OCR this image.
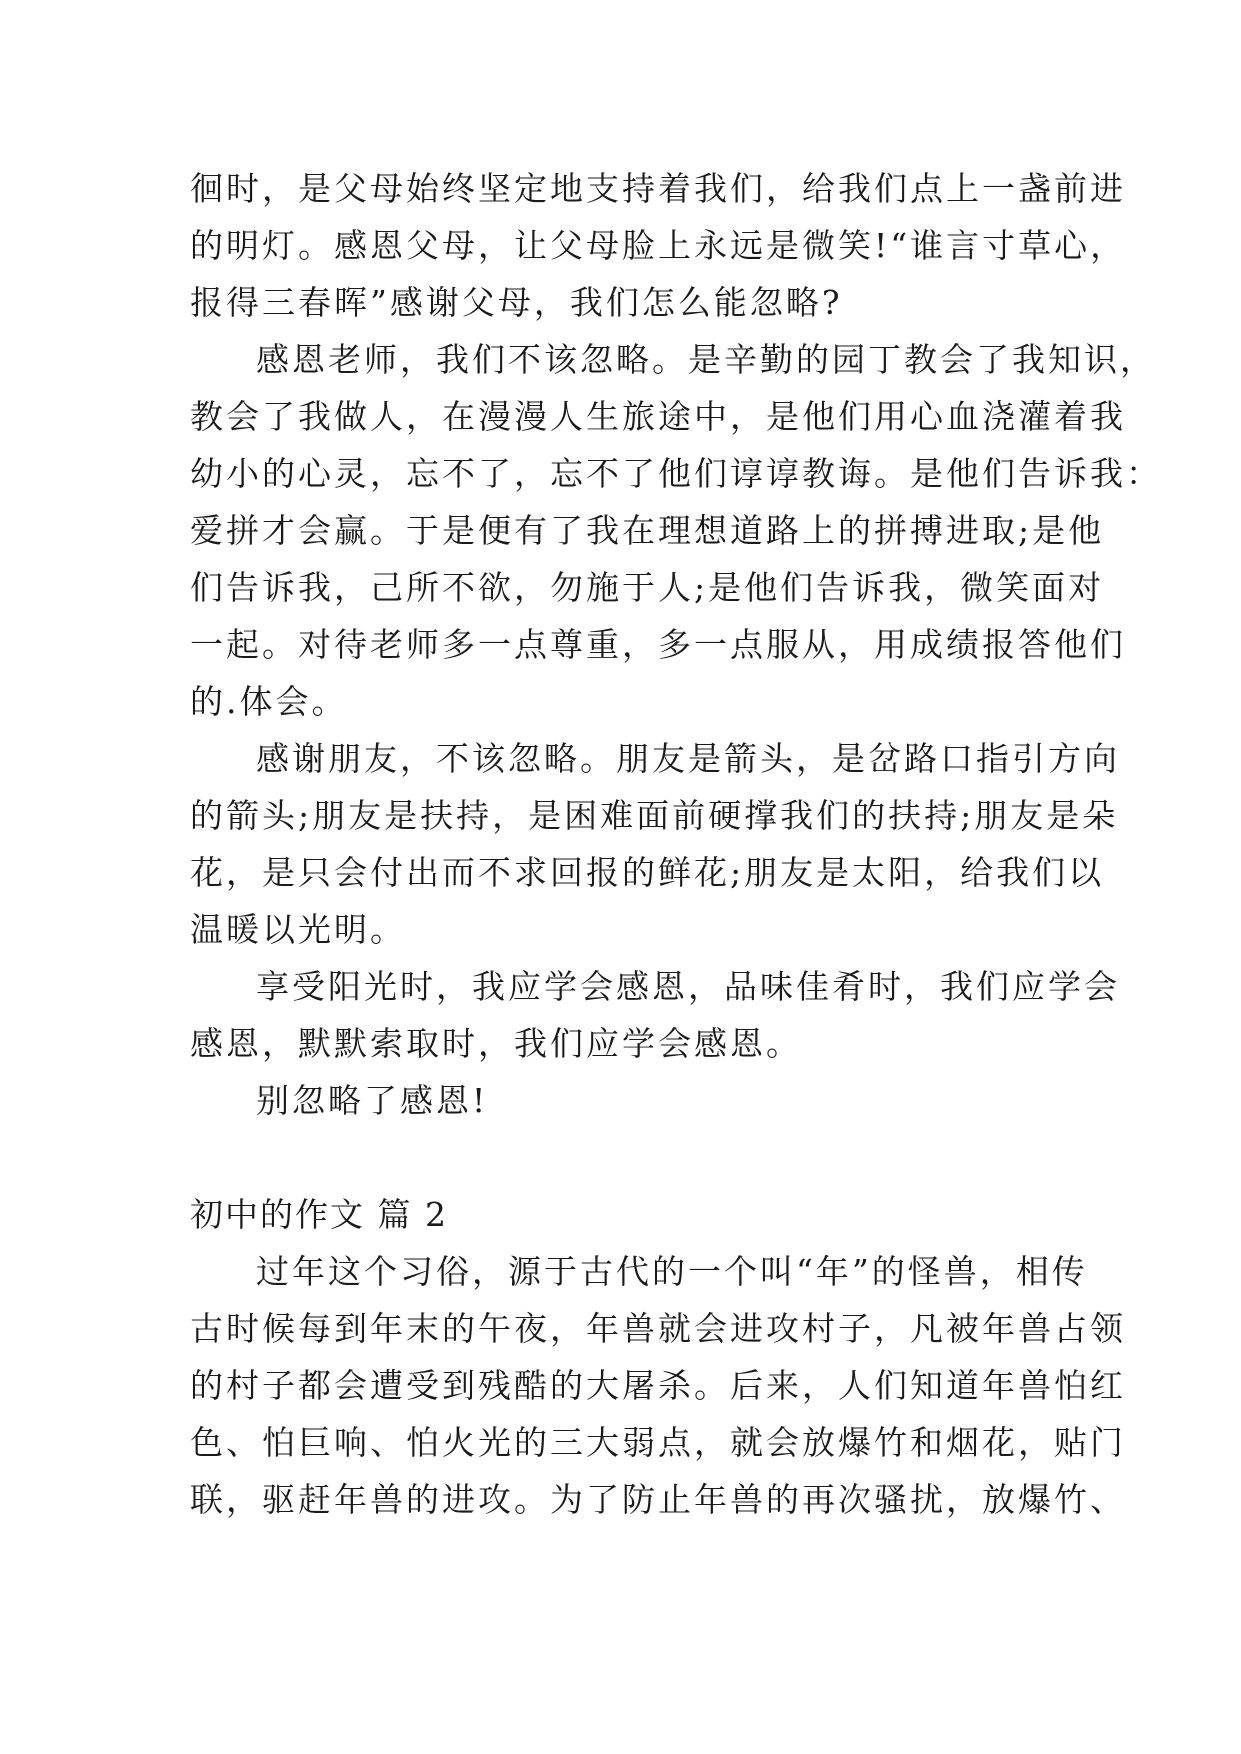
徊时，是父母始终坚定地支持着我们，给我们点上一盏前进
的明灯。感恩父母，让父母脸上永远是微笑!“谁言寸草心，
报得三春晖”感谢父母，我们怎么能忽略?
感恩老师，我们不该忽略。是辛勤的园丁教会了我知识，
教会了我做人，在漫漫人生旅途中，是他们用心血浇灌着我
幼小的心灵，忘不了，忘不了他们谆谆教诲。是他们告诉我：
爱拼才会赢。于是便有了我在理想道路上的拼搏进取;是他
们告诉我，己所不欲，勿施于人;是他们告诉我，微笑面对
一起。对待老师多一点尊重，多一点服从，用成绩报答他们
的.体会。
感谢朋友，不该忽略。朋友是箭头，是岔路口指引方向
的箭头;朋友是扶持，是困难面前硬撑我们的扶持;朋友是朵
花，是只会付出而不求回报的鲜花;朋友是太阳，给我们以
温暖以光明。
享受阳光时，我应学会感恩，品味佳肴时，我们应学会
感恩，默默索取时，我们应学会感恩。
别忽略了感恩!
初中的作文 篇 2
过年这个习俗，源于古代的一个叫“年”的怪兽，相传
古时候每到年末的午夜，年兽就会进攻村子，凡被年兽占领
的村子都会遭受到残酷的大屠杀。后来，人们知道年兽怕红
色、怕巨响、怕火光的三大弱点，就会放爆竹和烟花，贴门
联，驱赶年兽的进攻。为了防止年兽的再次骚扰，放爆竹、
